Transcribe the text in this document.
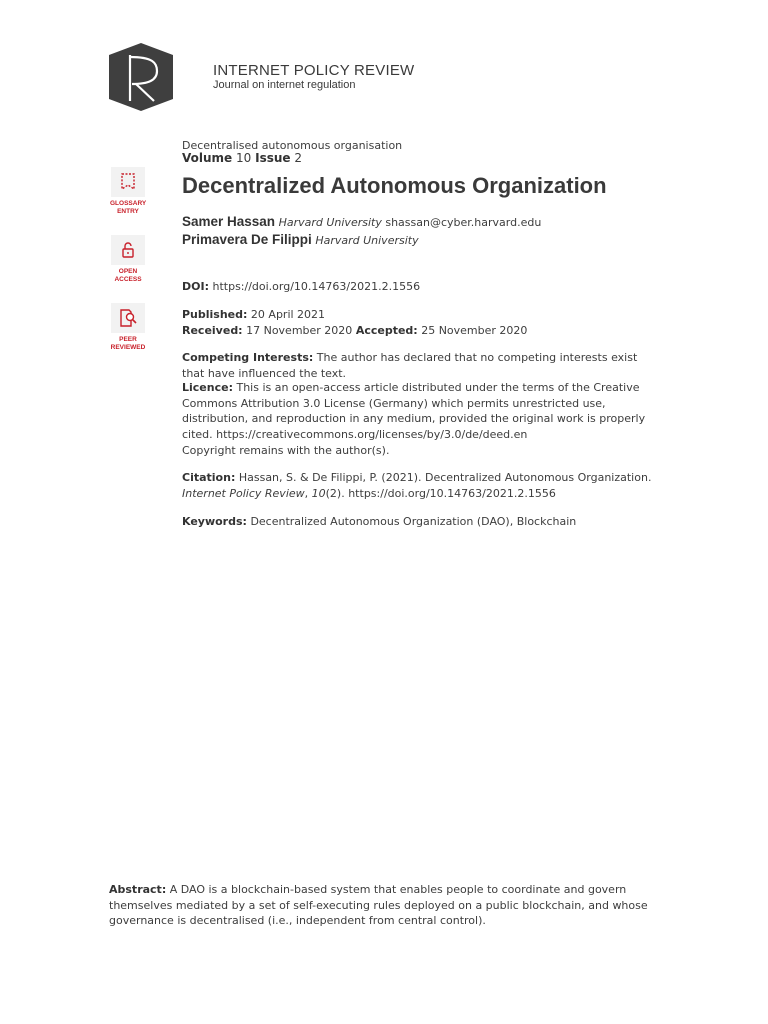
INTERNET POLICY REVIEW
Journal on internet regulation
GLOSSARY
ENTRY
OPEN
ACCESS
PEER
REVIEWED
Decentralised autonomous organisation
Volume 10 Issue 2
Decentralized Autonomous Organization
Samer Hassan Harvard University shassan@cyber.harvard.edu
Primavera De Filippi Harvard University
DOI: https://doi.org/10.14763/2021.2.1556
Published: 20 April 2021
Received: 17 November 2020 Accepted: 25 November 2020
Competing Interests: The author has declared that no competing interests exist that have influenced the text.
Licence: This is an open-access article distributed under the terms of the Creative Commons Attribution 3.0 License (Germany) which permits unrestricted use, distribution, and reproduction in any medium, provided the original work is properly cited. https://creativecommons.org/licenses/by/3.0/de/deed.en
Copyright remains with the author(s).
Citation: Hassan, S. & De Filippi, P. (2021). Decentralized Autonomous Organization. Internet Policy Review, 10(2). https://doi.org/10.14763/2021.2.1556
Keywords: Decentralized Autonomous Organization (DAO), Blockchain
Abstract: A DAO is a blockchain-based system that enables people to coordinate and govern themselves mediated by a set of self-executing rules deployed on a public blockchain, and whose governance is decentralised (i.e., independent from central control).
